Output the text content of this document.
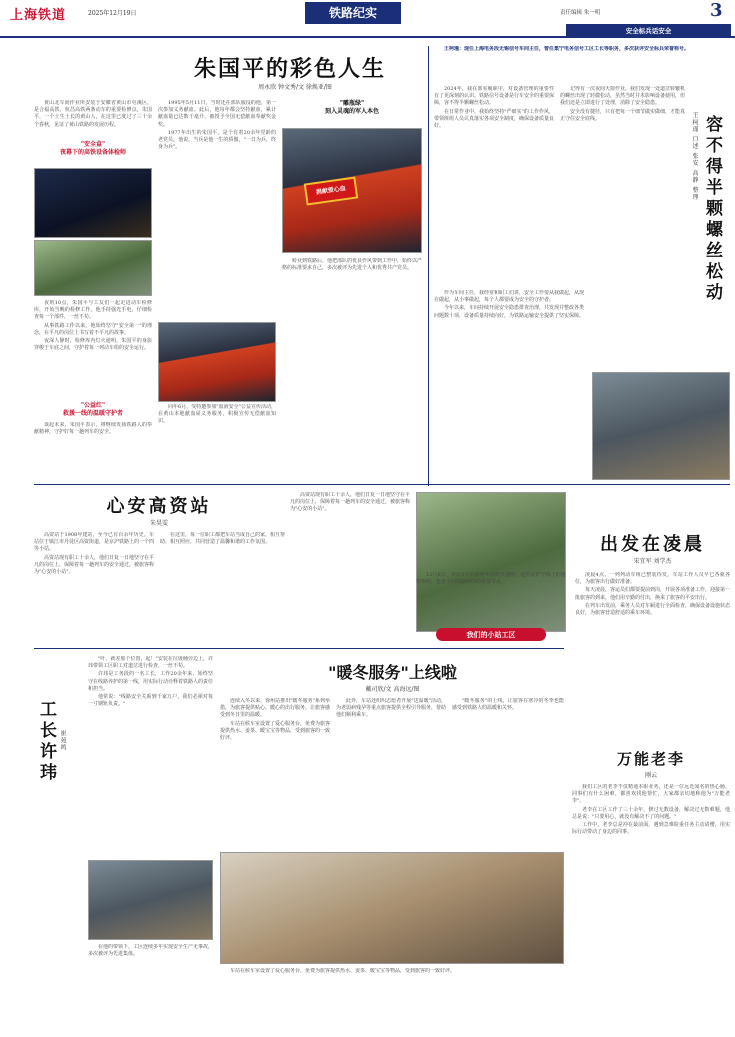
上海铁道	2025年12月19日	铁路纪实	责任编辑 朱一明	3
安全标兵话安全
朱国平的彩色人生
周永欣 钟文秀/文 徐焕亚/图

黄山北车间作业所安装于安徽省黄山市屯溪区，是合福高铁、杭昌高铁两条动车的重要检修点，朱国平，一个土生土长的黄山人，在这里已度过了三十余个春秋，见证了黄山铁路的发展历程。

"安全盒"
夜幕下的高铁设备体检师

夜班10点，朱国平与工友们一起走进动车检修库，开始当晚的检修工作。他手持强光手电，仔细检查每一个部件，一丝不苟。

从事铁路工作以来，他始终坚守"安全第一"的理念，在平凡的岗位上书写着不平凡的故事。

夜深人静时，检修库内灯火通明，朱国平的身影穿梭于车底之间，守护着每一列动车组的安全运行。

"公益红"
救援一线的温暖守护者

谈起未来，朱国平表示，将继续发扬铁路人的奉献精神，守护好每一趟列车的安全。

1995年5月11日，当时还在部队服役的他，第一次参加义务献血。此后，他每年都会坚持献血，累计献血量已达数千毫升，被授予全国无偿献血奉献奖金奖。

1977年出生的朱国平，是个有着20余年党龄的老党员。他说，当兵是他一生的骄傲，"一日为兵，终身为兵"。

同年6月，受特邀参加"血液安全"公益宣传活动，在黄山本地献血屋义务服务，积极宣传无偿献血知识。

"雕瓶绿"
刻入灵魂的军人本色
捐献爱心血

转业到铁路后，他把部队的优良作风带到工作中，始终以严格的标准要求自己，多次被评为先进个人和优秀共产党员。

王柯瑾：现任上海电务段无锡信号车间主任，曾任集宁电务信号工区工长等职务，多次获评安全标兵荣誉称号。

容不得半颗螺丝松动
王柯瑾 口述 张安 高静 整理

2024年，我在部室履职中，对设备管理的重要性有了更深刻的认识。铁路信号设备是行车安全的重要保障，容不得半颗螺丝松动。

在日常作业中，我始终坚持"严细实"的工作作风，带领班组人员认真落实各项安全制度，确保设备质量良好。

记得有一次夜间天窗作业，我们发现一处道岔转辙机的螺丝出现了轻微松动，虽然当时并未影响设备使用，但我们还是立即进行了处理，消除了安全隐患。

安全没有捷径，只有把每一个细节做实做细，才能真正守住安全底线。

作为车间主任，我经常和职工们讲，安全工作要从我做起，从现在做起，从小事做起，每个人都要成为安全的守护者。

今年以来，车间持续开展安全隐患排查治理，共发现并整改各类问题数十项，设备质量持续向好，为铁路运输安全提供了坚实保障。

心安高资站
朱昊雯

高资站于1908年建站，至今已有百余年历史。车站位于镇江市丹徒区高资街道，是京沪铁路上的一个四等小站。

高资站现有职工十余人，他们日复一日地坚守在平凡的岗位上，保障着每一趟列车的安全通过，被旅客称为"心安的小站"。

在这里，每一位职工都把车站当成自己的家，相互帮助、相互照应，共同营造了温馨和谐的工作氛围。

高资站现有职工十余人，他们日复一日地坚守在平凡的岗位上，保障着每一趟列车的安全通过，被旅客称为"心安的小站"。

我们的小站工区
出发在凌晨
宋宜军 刘学杰

12月8日，凌晨3点的徐州车站灯火通明。这里是沪宁线上的重要枢纽，也是全国铁路网中的重要节点。

凌晨4点，一列列动车组已整装待发，车站工作人员早已各就各位，为旅客出行做好准备。

每天凌晨，客运员们都要提前到岗，开展各项准备工作，迎接第一批旅客的到来。他们用辛勤的付出，换来了旅客的平安出行。

在列车出发前，乘务人员对车厢进行全面检查，确保设备设施状态良好，为旅客营造舒适的乘车环境。

工长许玮 崔苑鸣

"叶，就差那个位置，起！"安装在垃圾桶旁边上，许玮带领工区职工对道岔进行检查，一丝不苟。

许玮是工务段的一名工长，工作20余年来，始终坚守在线路养护的第一线，用实际行动诠释着铁路人的责任和担当。

他常说："线路安全关系到千家万户，我们必须对每一寸钢轨负责。"

在他的带领下，工区连续多年实现安全生产无事故，多次被评为先进集体。

"暖冬服务"上线啦
戴司欣/文 高海远/图

连续入冬以来，徐州站推出"暖冬服务"系列举措，为旅客提供贴心、暖心的出行服务，让旅客感受到冬日里的温暖。

车站在候车室设置了爱心服务台，免费为旅客提供热水、姜茶、暖宝宝等物品，受到旅客的一致好评。

此外，车站还组织志愿者开展"送温暖"活动，为老弱病残孕等重点旅客提供全程引导服务，帮助他们顺利乘车。

"暖冬服务"的上线，让旅客在寒冷的冬季也能感受到铁路人的温暖和关怀。

车站在候车室设置了爱心服务台，免费为旅客提供热水、姜茶、暖宝宝等物品，受到旅客的一致好评。

万能老李
刚云

我们工区的老李不仅精通本职业务，还是一位远近闻名的热心肠。同事们有什么困难，都喜欢找他帮忙，大家都亲切地称他为"万能老李"。

老李在工区工作了三十余年，修过无数设备，解决过无数难题，他总是说："只要用心，就没有解决不了的问题。"

工作中，老李总是冲在最前面，遇到急难险重任务主动请缨，用实际行动带动了身边的同事。
